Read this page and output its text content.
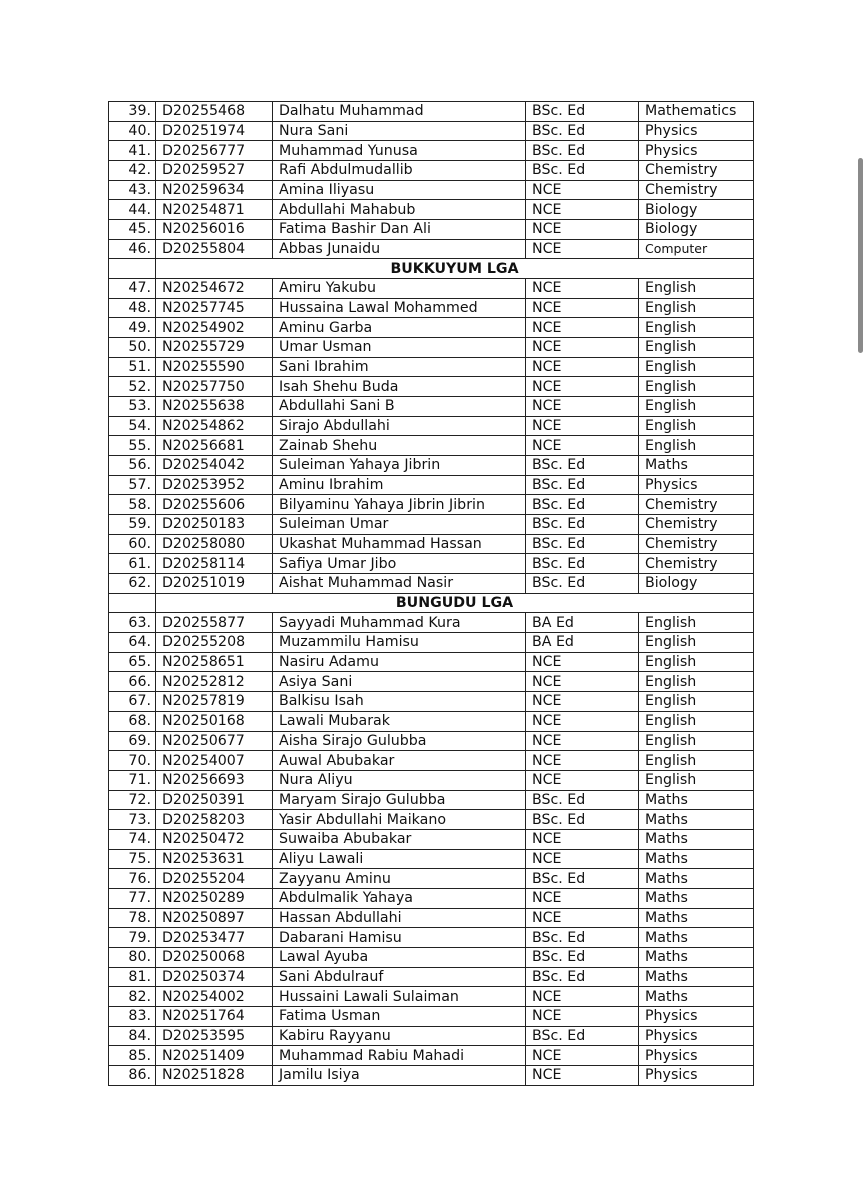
39.	D20255468	Dalhatu Muhammad	BSc. Ed	Mathematics
40.	D20251974	Nura Sani	BSc. Ed	Physics
41.	D20256777	Muhammad Yunusa	BSc. Ed	Physics
42.	D20259527	Rafi Abdulmudallib	BSc. Ed	Chemistry
43.	N20259634	Amina Iliyasu	NCE	Chemistry
44.	N20254871	Abdullahi Mahabub	NCE	Biology
45.	N20256016	Fatima Bashir Dan Ali	NCE	Biology
46.	D20255804	Abbas Junaidu	NCE	Computer
	BUKKUYUM LGA			
47.	N20254672	Amiru Yakubu	NCE	English
48.	N20257745	Hussaina Lawal Mohammed	NCE	English
49.	N20254902	Aminu Garba	NCE	English
50.	N20255729	Umar Usman	NCE	English
51.	N20255590	Sani Ibrahim	NCE	English
52.	N20257750	Isah Shehu Buda	NCE	English
53.	N20255638	Abdullahi Sani B	NCE	English
54.	N20254862	Sirajo Abdullahi	NCE	English
55.	N20256681	Zainab Shehu	NCE	English
56.	D20254042	Suleiman Yahaya Jibrin	BSc. Ed	Maths
57.	D20253952	Aminu Ibrahim	BSc. Ed	Physics
58.	D20255606	Bilyaminu Yahaya Jibrin Jibrin	BSc. Ed	Chemistry
59.	D20250183	Suleiman Umar	BSc. Ed	Chemistry
60.	D20258080	Ukashat Muhammad Hassan	BSc. Ed	Chemistry
61.	D20258114	Safiya Umar Jibo	BSc. Ed	Chemistry
62.	D20251019	Aishat Muhammad Nasir	BSc. Ed	Biology
	BUNGUDU LGA			
63.	D20255877	Sayyadi Muhammad Kura	BA Ed	English
64.	D20255208	Muzammilu Hamisu	BA Ed	English
65.	N20258651	Nasiru Adamu	NCE	English
66.	N20252812	Asiya Sani	NCE	English
67.	N20257819	Balkisu Isah	NCE	English
68.	N20250168	Lawali Mubarak	NCE	English
69.	N20250677	Aisha Sirajo Gulubba	NCE	English
70.	N20254007	Auwal Abubakar	NCE	English
71.	N20256693	Nura Aliyu	NCE	English
72.	D20250391	Maryam Sirajo Gulubba	BSc. Ed	Maths
73.	D20258203	Yasir Abdullahi Maikano	BSc. Ed	Maths
74.	N20250472	Suwaiba Abubakar	NCE	Maths
75.	N20253631	Aliyu Lawali	NCE	Maths
76.	D20255204	Zayyanu Aminu	BSc. Ed	Maths
77.	N20250289	Abdulmalik Yahaya	NCE	Maths
78.	N20250897	Hassan Abdullahi	NCE	Maths
79.	D20253477	Dabarani Hamisu	BSc. Ed	Maths
80.	D20250068	Lawal Ayuba	BSc. Ed	Maths
81.	D20250374	Sani Abdulrauf	BSc. Ed	Maths
82.	N20254002	Hussaini Lawali Sulaiman	NCE	Maths
83.	N20251764	Fatima Usman	NCE	Physics
84.	D20253595	Kabiru Rayyanu	BSc. Ed	Physics
85.	N20251409	Muhammad Rabiu Mahadi	NCE	Physics
86.	N20251828	Jamilu Isiya	NCE	Physics
